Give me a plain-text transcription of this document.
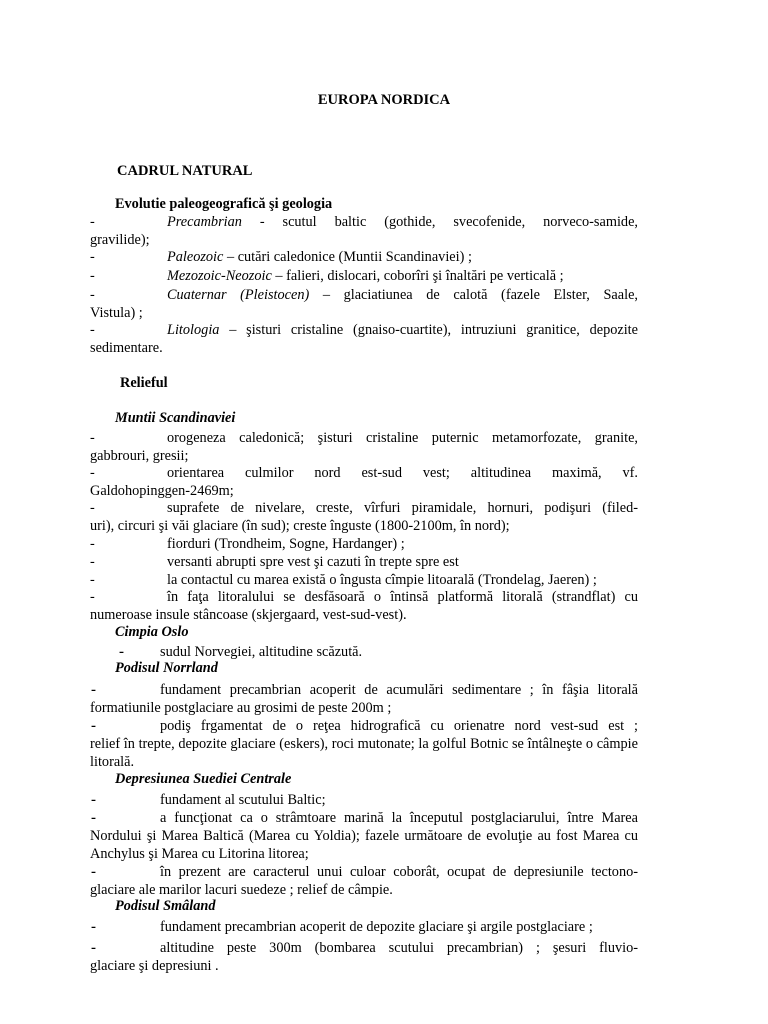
EUROPA NORDICA
CADRUL NATURAL
Evolutie paleogeografică şi geologia
-	Precambrian - scutul baltic (gothide, svecofenide, norveco-samide,
gravilide);
-	Paleozoic – cutări caledonice (Muntii Scandinaviei) ;
-	Mezozoic-Neozoic – falieri, dislocari, coborîri şi înaltări pe verticală ;
-	Cuaternar (Pleistocen) – glaciatiunea de calotă (fazele Elster, Saale,
Vistula) ;
-	Litologia – şisturi cristaline (gnaiso-cuartite), intruziuni granitice, depozite
sedimentare.
Relieful
Muntii Scandinaviei
-	orogeneza caledonică; şisturi cristaline puternic metamorfozate, granite,
gabbrouri, gresii;
-	orientarea culmilor nord est-sud vest; altitudinea maximă, vf.
Galdohopinggen-2469m;
-	suprafete de nivelare, creste, vîrfuri piramidale, hornuri, podişuri (filed-
uri), circuri şi văi glaciare (în sud); creste înguste (1800-2100m, în nord);
-	fiorduri (Trondheim, Sogne, Hardanger) ;
-	versanti abrupti spre vest şi cazuti în trepte spre est
-	la contactul cu marea există o îngusta cîmpie litoarală (Trondelag, Jaeren) ;
-	în faţa litoralului se desfăsoară o întinsă platformă litorală (strandflat) cu
numeroase insule stâncoase (skjergaard, vest-sud-vest).
Cimpia Oslo
-	sudul Norvegiei, altitudine scăzută.
Podisul Norrland
-	fundament precambrian acoperit de acumulări sedimentare ; în fâşia litorală
formatiunile postglaciare au grosimi de peste 200m ;
-	podiş frgamentat de o reţea hidrografică cu orienatre nord vest-sud est ;
relief în trepte, depozite glaciare (eskers), roci mutonate; la golful Botnic se întâlneşte o câmpie litorală.
Depresiunea Suediei Centrale
-	fundament al scutului Baltic;
-	a funcţionat ca o strâmtoare marină la începutul postglaciarului, între Marea
Nordului şi Marea Baltică (Marea cu Yoldia); fazele următoare de evoluţie au fost Marea cu Anchylus şi Marea cu Litorina litorea;
-	în prezent are caracterul unui culoar coborât, ocupat de depresiunile tectono-
glaciare ale marilor lacuri suedeze ; relief de câmpie.
Podisul Smâland
-	fundament precambrian acoperit de depozite glaciare şi argile postglaciare ;
-	altitudine peste 300m (bombarea scutului precambrian) ; şesuri fluvio-
glaciare şi depresiuni .
